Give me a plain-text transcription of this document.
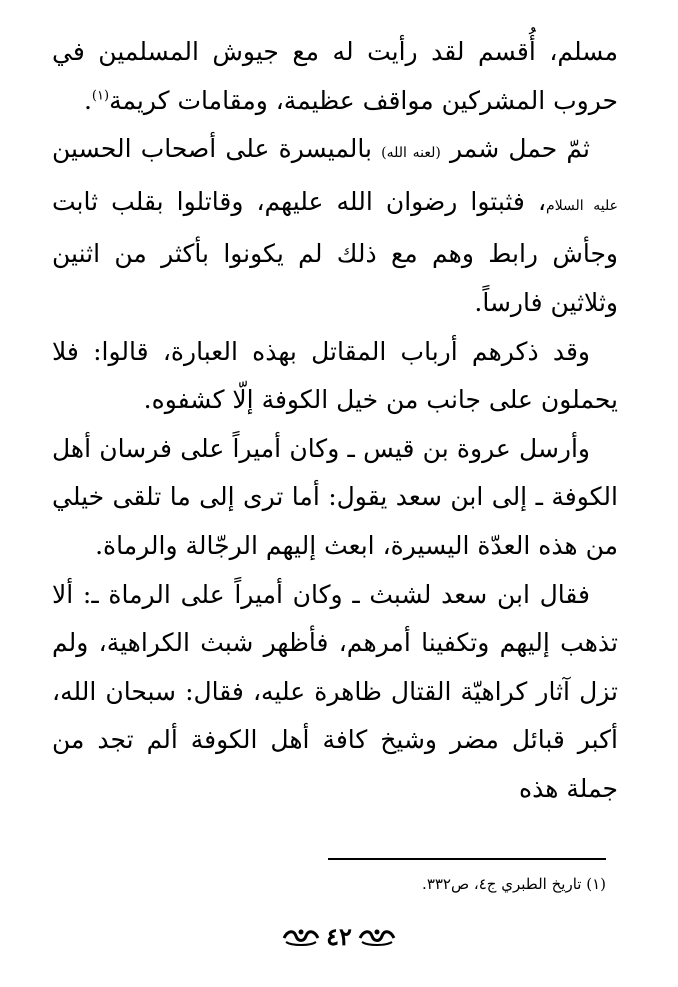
مسلم، أُقسم لقد رأيت له مع جيوش المسلمين في حروب المشركين مواقف عظيمة، ومقامات كريمة$^{(١)}$.

ثمّ حمل شمر (لعنه الله) بالميسرة على أصحاب الحسين عليه السلام، فثبتوا رضوان الله عليهم، وقاتلوا بقلب ثابت وجأش رابط وهم مع ذلك لم يكونوا بأكثر من اثنين وثلاثين فارساً.

وقد ذكرهم أرباب المقاتل بهذه العبارة، قالوا: فلا يحملون على جانب من خيل الكوفة إلّا كشفوه.

وأرسل عروة بن قيس ـ وكان أميراً على فرسان أهل الكوفة ـ إلى ابن سعد يقول: أما ترى إلى ما تلقى خيلي من هذه العدّة اليسيرة، ابعث إليهم الرجّالة والرماة.

فقال ابن سعد لشبث ـ وكان أميراً على الرماة ـ: ألا تذهب إليهم وتكفينا أمرهم، فأظهر شبث الكراهية، ولم تزل آثار كراهيّة القتال ظاهرة عليه، فقال: سبحان الله، أكبر قبائل مضر وشيخ كافة أهل الكوفة ألم تجد من جملة هذه

(١) تاريخ الطبري ج٤، ص٣٣٢.
٤٢
